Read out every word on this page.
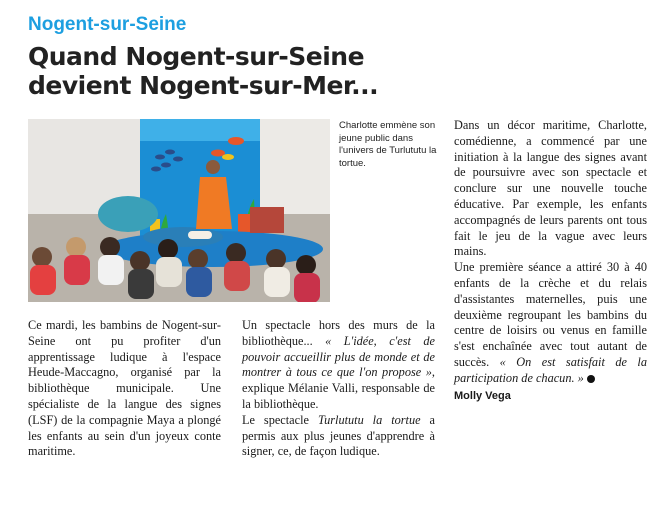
Nogent-sur-Seine
Quand Nogent-sur-Seine
devient Nogent-sur-Mer...
Charlotte emmène son jeune public dans l'univers de Turlututu la tortue.

Ce mardi, les bambins de Nogent-sur-Seine ont pu profiter d'un apprentissage ludique à l'espace Heude-Maccagno, organisé par la bibliothèque municipale. Une spécialiste de la langue des signes (LSF) de la compagnie Maya a plongé les enfants au sein d'un joyeux conte maritime.

Un spectacle hors des murs de la bibliothèque... « L'idée, c'est de pouvoir accueillir plus de monde et de montrer à tous ce que l'on propose », explique Mélanie Valli, responsable de la bibliothèque.

Le spectacle Turlututu la tortue a permis aux plus jeunes d'apprendre à signer, ce, de façon ludique.

Dans un décor maritime, Charlotte, comédienne, a commencé par une initiation à la langue des signes avant de poursuivre avec son spectacle et conclure sur une nouvelle touche éducative. Par exemple, les enfants accompagnés de leurs parents ont tous fait le jeu de la vague avec leurs mains.

Une première séance a attiré 30 à 40 enfants de la crèche et du relais d'assistantes maternelles, puis une deuxième regroupant les bambins du centre de loisirs ou venus en famille s'est enchaînée avec tout autant de succès. « On est satisfait de la participation de chacun. »

Molly Vega
